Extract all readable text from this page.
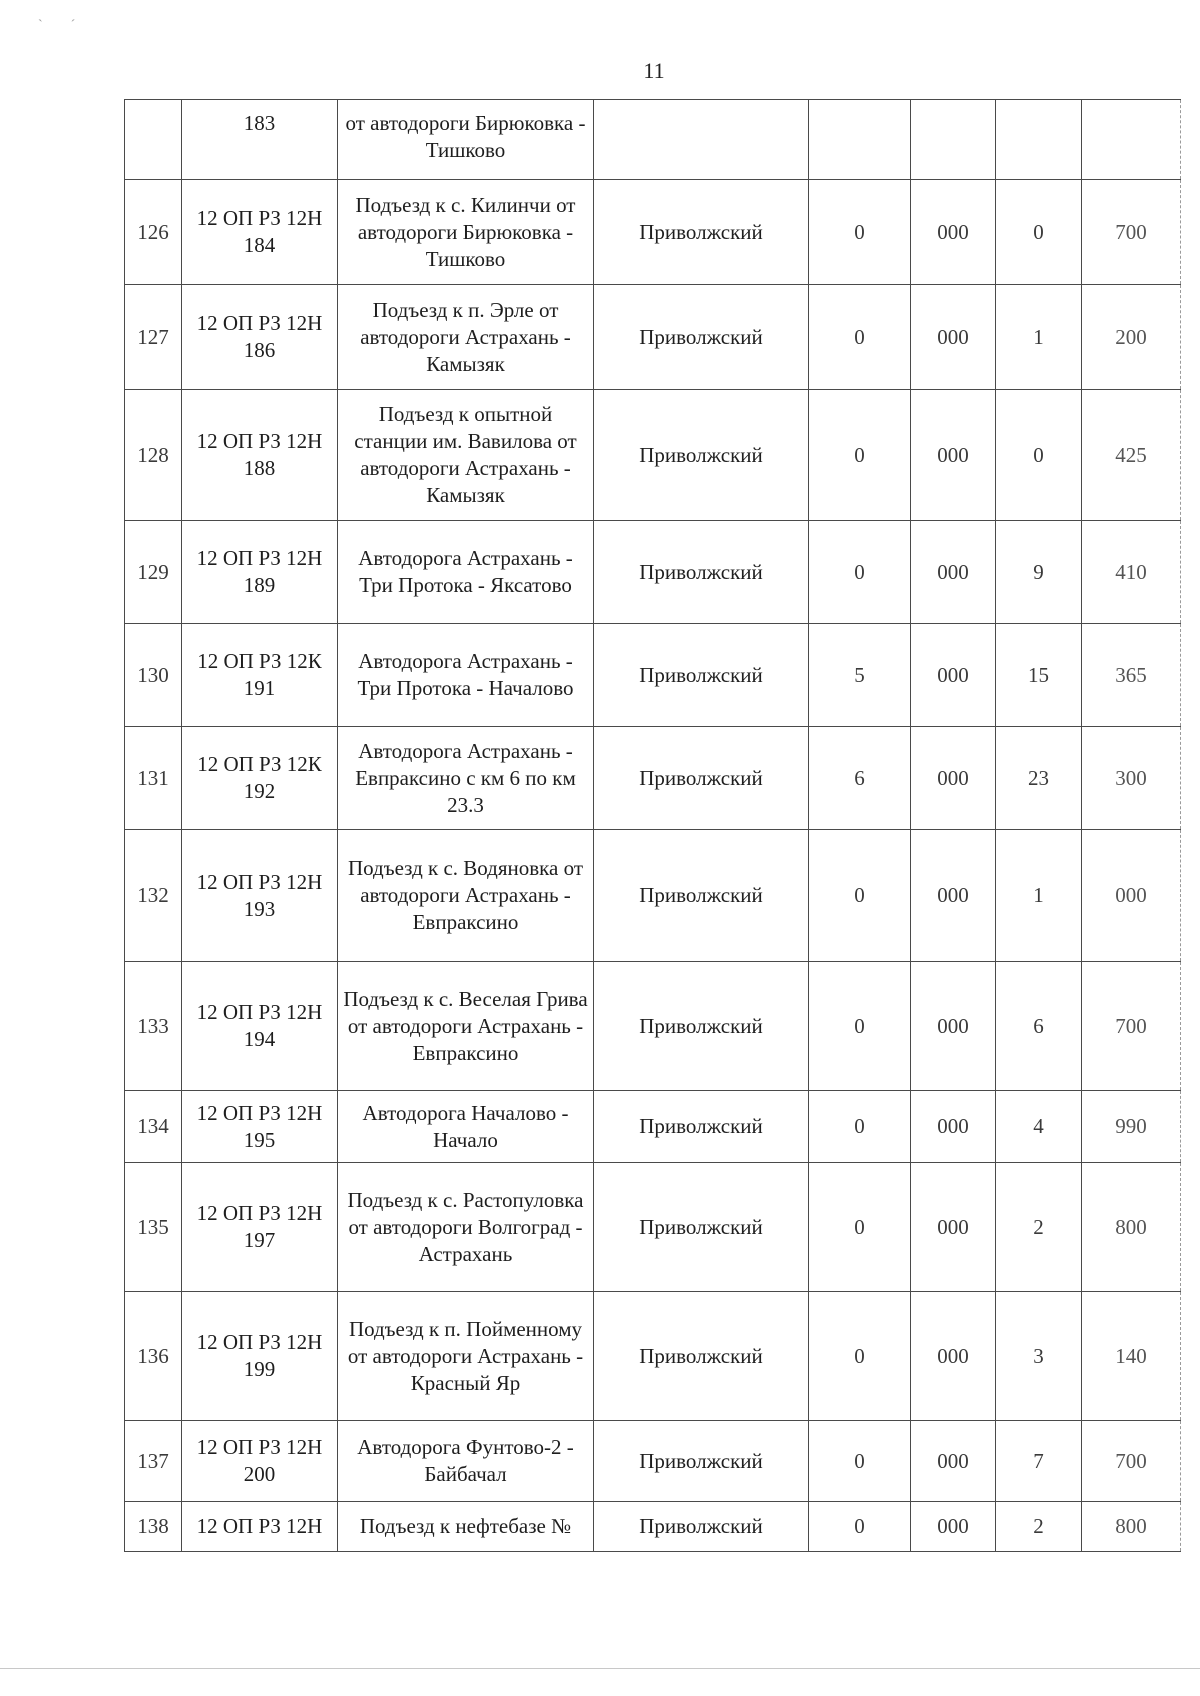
`        ´
11
	183	от автодороги Бирюковка - Тишково					
126	12 ОП РЗ 12Н 184	Подъезд к с. Килинчи от автодороги Бирюковка - Тишково	Приволжский	0	000	0	700
127	12 ОП РЗ 12Н 186	Подъезд к п. Эрле от автодороги Астрахань - Камызяк	Приволжский	0	000	1	200
128	12 ОП РЗ 12Н 188	Подъезд к опытной станции им. Вавилова от автодороги Астрахань - Камызяк	Приволжский	0	000	0	425
129	12 ОП РЗ 12Н 189	Автодорога Астрахань - Три Протока - Яксатово	Приволжский	0	000	9	410
130	12 ОП РЗ 12К 191	Автодорога Астрахань - Три Протока - Началово	Приволжский	5	000	15	365
131	12 ОП РЗ 12К 192	Автодорога Астрахань - Евпраксино с км 6 по км 23.3	Приволжский	6	000	23	300
132	12 ОП РЗ 12Н 193	Подъезд к с. Водяновка от автодороги Астрахань - Евпраксино	Приволжский	0	000	1	000
133	12 ОП РЗ 12Н 194	Подъезд к с. Веселая Грива от автодороги Астрахань - Евпраксино	Приволжский	0	000	6	700
134	12 ОП РЗ 12Н 195	Автодорога Началово - Начало	Приволжский	0	000	4	990
135	12 ОП РЗ 12Н 197	Подъезд к с. Растопуловка от автодороги Волгоград - Астрахань	Приволжский	0	000	2	800
136	12 ОП РЗ 12Н 199	Подъезд к п. Пойменному от автодороги Астрахань - Красный Яр	Приволжский	0	000	3	140
137	12 ОП РЗ 12Н 200	Автодорога Фунтово-2 - Байбачал	Приволжский	0	000	7	700
138	12 ОП РЗ 12Н	Подъезд к нефтебазе №	Приволжский	0	000	2	800
